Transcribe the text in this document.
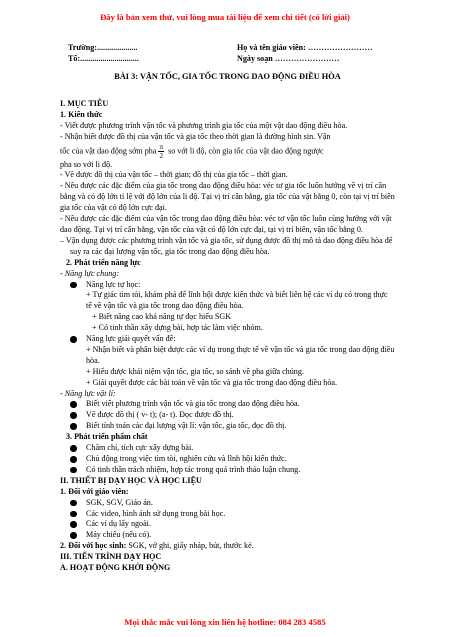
Đây là bản xem thử, vui lòng mua tài liệu để xem chi tiết (có lời giải)
Trường:....................
Tổ:.............................
Họ và tên giáo viên: ……………………
Ngày soạn ……………………

BÀI 3: VẬN TỐC, GIA TỐC TRONG DAO ĐỘNG ĐIỀU HÒA

I. MỤC TIÊU

1. Kiến thức

- Viết được phương trình vận tốc và phương trình gia tốc của một vật dao động điều hòa.

- Nhận biết được đồ thị của vận tốc và gia tốc theo thời gian là đường hình sin. Vận

tốc của vật dao động sớm pha $\frac{\pi}{2}$ so với li độ, còn gia tốc của vật dao động ngược

pha so với li độ.

- Vẽ được đồ thị của vận tốc – thời gian; đồ thị của gia tốc – thời gian.

- Nêu được các đặc điểm của gia tốc trong dao động điều hòa: véc tơ gia tốc luôn hướng về vị trí cân bằng và có độ lớn tỉ lệ với độ lớn của li độ. Tại vị trí cân bằng, gia tốc của vật bằng 0, còn tại vị trí biên gia tốc của vật có độ lớn cực đại.

- Nêu được các đặc điểm của vận tốc trong dao động điều hòa: véc tơ vận tốc luôn cùng hướng với vật dao động. Tại vị trí cân bằng, vận tốc của vật có độ lớn cực đại, tại vị trí biên, vận tốc bằng 0.

– Vận dụng được các phương trình vận tốc và gia tốc, sử dụng được đồ thị mô tả dao động điều hòa để suy ra các đại lượng vận tốc, gia tốc trong dao động điều hòa.

2. Phát triển năng lực

- Năng lực chung:

Năng lực tự học:

+ Tự giác tìm tòi, khám phá để lĩnh hội được kiến thức và biết liên hệ các ví dụ có trong thực tế về vận tốc và gia tốc trong dao động điều hòa.

+ Biết năng cao khả năng tự đọc hiểu SGK

+ Có tinh thần xây dựng bài, hợp tác làm việc nhóm.

Năng lực giải quyết vấn đề:

+ Nhận biết và phân biệt được các ví dụ trong thực tế về vận tốc và gia tốc trong dao động điều hòa.

+ Hiểu được khái niệm vận tốc, gia tốc, so sánh về pha giữa chúng.

+ Giải quyết được các bài toán về vận tốc và gia tốc trong dao động điều hòa.

- Năng lực vật lí:

Biết viết phương trình vận tốc và gia tốc trong dao động điều hòa.

Vẽ được đồ thị ( v- t); (a- t). Đọc được đồ thị.

Biết tính toán các đại lượng vật lí: vận tốc, gia tốc, đọc đồ thị.

3. Phát triển phẩm chất

Chăm chỉ, tích cực xây dựng bài.

Chủ động trong việc tìm tòi, nghiên cứu và lĩnh hội kiến thức.

Có tinh thần trách nhiệm, hợp tác trong quá trình thảo luận chung.

II. THIẾT BỊ DẠY HỌC VÀ HỌC LIỆU

1. Đối với giáo viên:

SGK, SGV, Giáo án.

Các video, hình ảnh sử dụng trong bài học.

Các ví dụ lấy ngoài.

Máy chiếu (nếu có).

2. Đối với học sinh: SGK, vở ghi, giấy nháp, bút, thước kẻ.

III. TIẾN TRÌNH DẠY HỌC

A. HOẠT ĐỘNG KHỞI ĐỘNG

Mọi thắc mắc vui lòng xin liên hệ hotline: 084 283 4585
